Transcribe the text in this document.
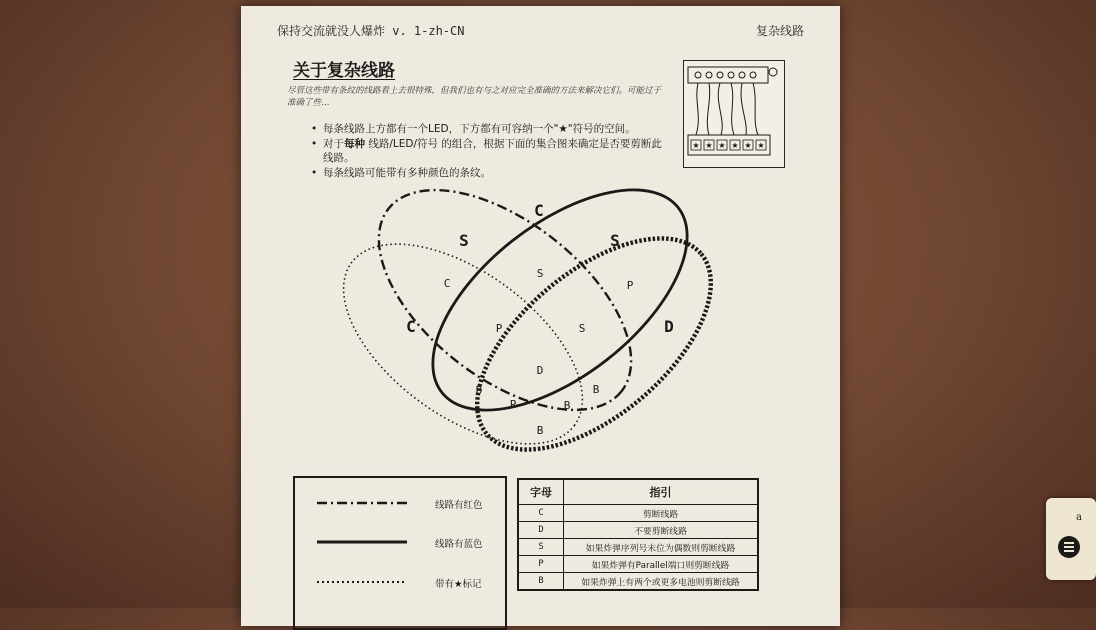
保持交流就没人爆炸 v. 1-zh-CN	复杂线路
关于复杂线路
尽管这些带有条纹的线路看上去很特殊，但我们也有与之对应完全准确的方法来解决它们。可能过于准确了些…
• 每条线路上方都有一个LED，下方都有可容纳一个"★"符号的空间。
• 对于每种 线路/LED/符号 的组合，根据下面的集合图来确定是否要剪断此线路。
• 每条线路可能带有多种颜色的条纹。
★ ★ ★ ★ ★ ★
C
C	D
S	S
C
S
P
S
P
D
D
P
B
B
B
线路有红色
线路有蓝色
带有★标记
字母	指引
C	剪断线路
D	不要剪断线路
S	如果炸弹序列号末位为偶数则剪断线路
P	如果炸弹有Parallel端口则剪断线路
B	如果炸弹上有两个或更多电池则剪断线路
a
